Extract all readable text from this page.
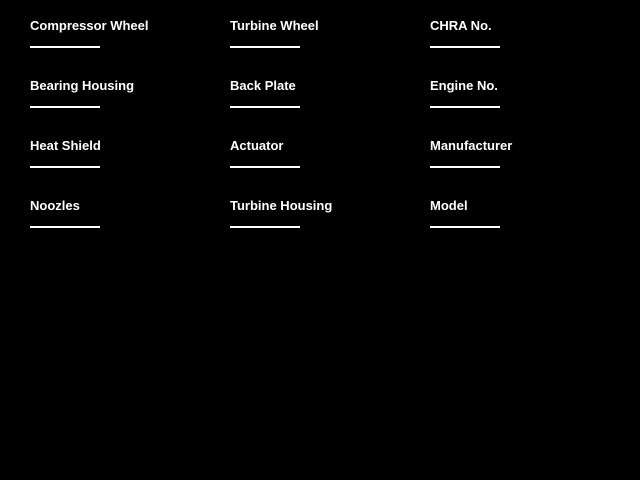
Compressor Wheel
Bearing Housing
Heat Shield
Noozles
Turbine Wheel
Back Plate
Actuator
Turbine Housing
CHRA No.
Engine No.
Manufacturer
Model
